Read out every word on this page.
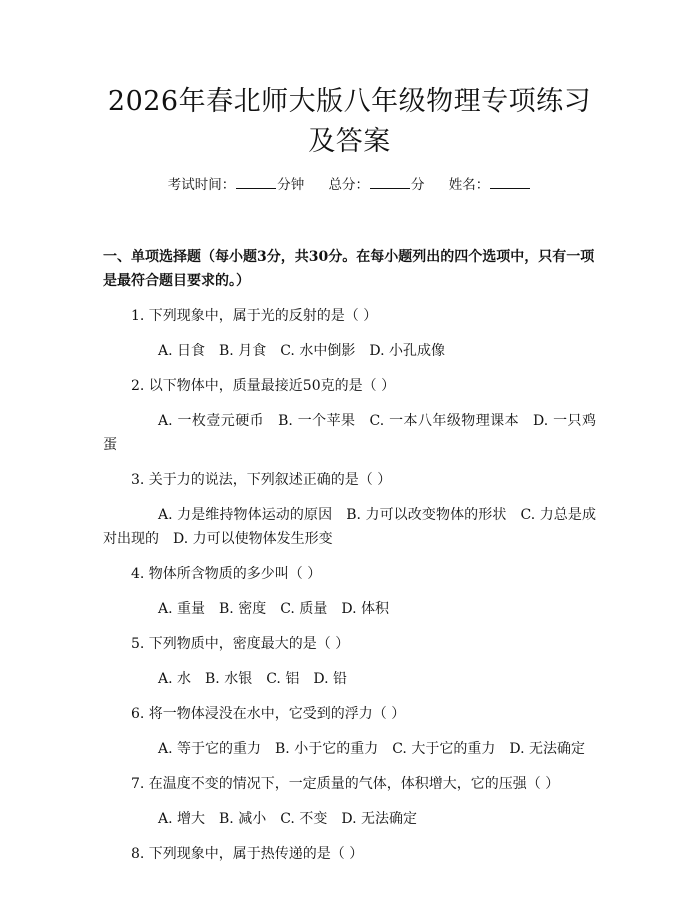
2026年春北师大版八年级物理专项练习及答案
考试时间：	分钟 总分：	分 姓名：
一、单项选择题（每小题3分，共30分。在每小题列出的四个选项中，只有一项是最符合题目要求的。）
1. 下列现象中，属于光的反射的是（ ）
A. 日食 B. 月食 C. 水中倒影 D. 小孔成像
2. 以下物体中，质量最接近50克的是（ ）
A. 一枚壹元硬币 B. 一个苹果 C. 一本八年级物理课本 D. 一只鸡蛋
3. 关于力的说法，下列叙述正确的是（ ）
A. 力是维持物体运动的原因 B. 力可以改变物体的形状 C. 力总是成对出现的 D. 力可以使物体发生形变
4. 物体所含物质的多少叫（ ）
A. 重量 B. 密度 C. 质量 D. 体积
5. 下列物质中，密度最大的是（ ）
A. 水 B. 水银 C. 铝 D. 铅
6. 将一物体浸没在水中，它受到的浮力（ ）
A. 等于它的重力 B. 小于它的重力 C. 大于它的重力 D. 无法确定
7. 在温度不变的情况下，一定质量的气体，体积增大，它的压强（ ）
A. 增大 B. 减小 C. 不变 D. 无法确定
8. 下列现象中，属于热传递的是（ ）
